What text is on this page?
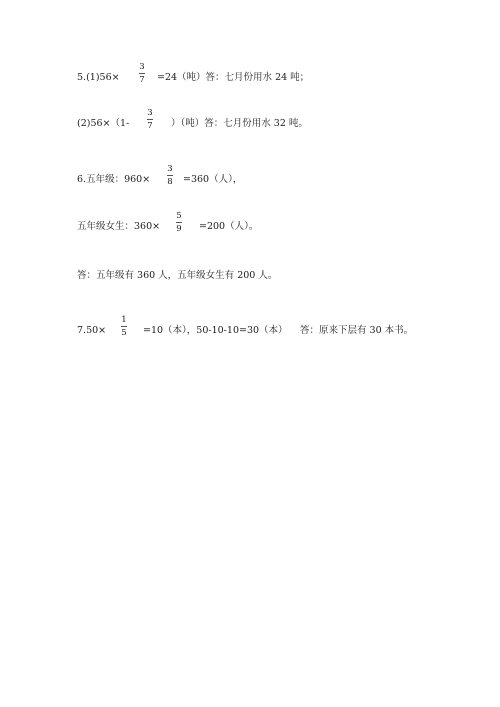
5.(1)56×
3
7 =24（吨）答：七月份用水 24 吨；
(2)56×（1-
3
7 ）（吨）答：七月份用水 32 吨。
6.五年级：960×
3
8 =360（人），
五年级女生：360×
5
9 =200（人）。
答：五年级有 360 人，五年级女生有 200 人。
7.50×
1
5 =10（本），50-10-10=30（本） 答：原来下层有 30 本书。
